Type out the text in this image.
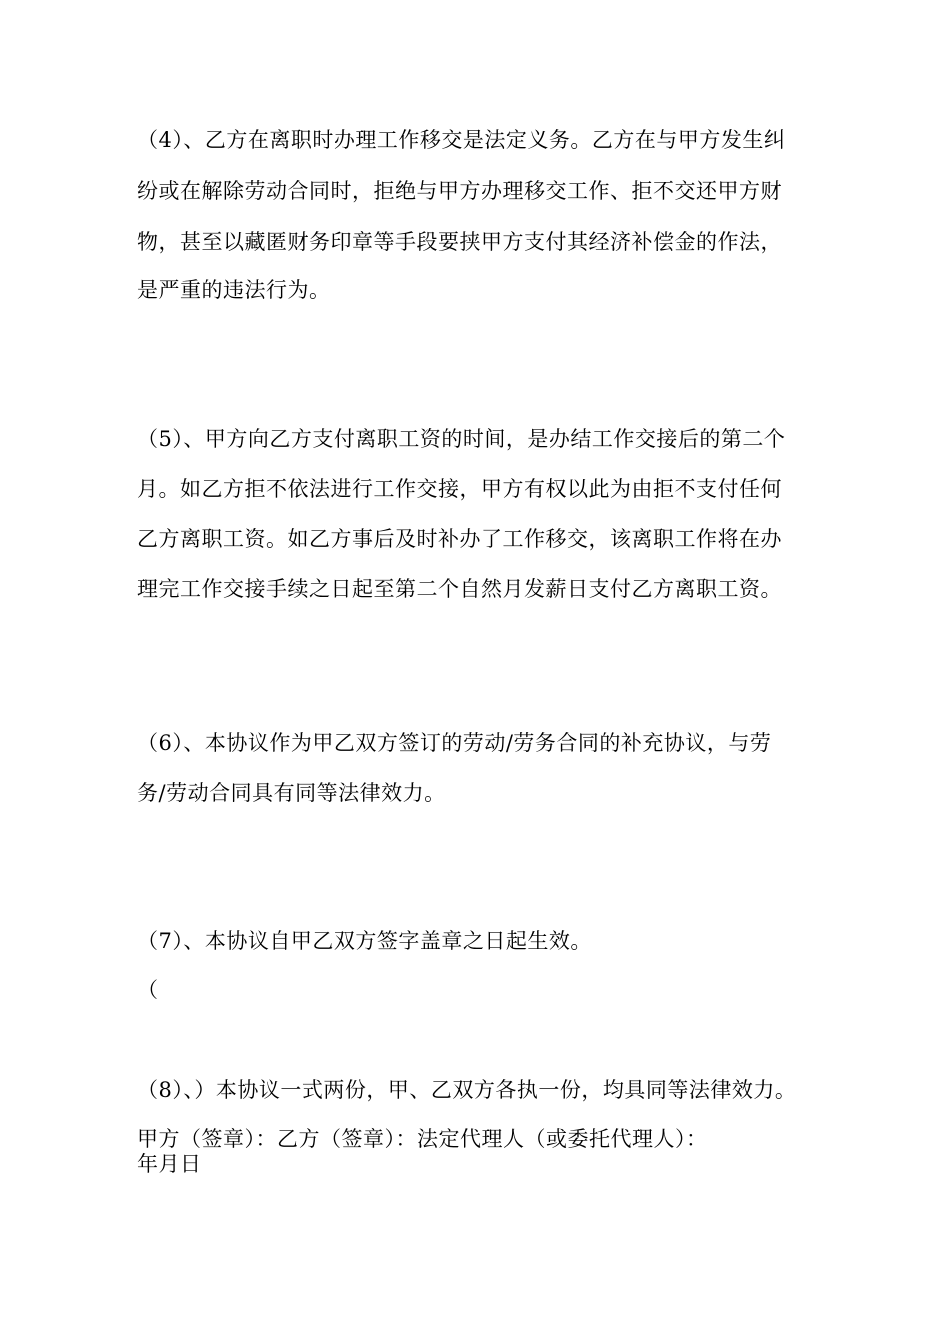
（4）、乙方在离职时办理工作移交是法定义务。乙方在与甲方发生纠
纷或在解除劳动合同时，拒绝与甲方办理移交工作、拒不交还甲方财
物，甚至以藏匿财务印章等手段要挟甲方支付其经济补偿金的作法，
是严重的违法行为。
（5）、甲方向乙方支付离职工资的时间，是办结工作交接后的第二个
月。如乙方拒不依法进行工作交接，甲方有权以此为由拒不支付任何
乙方离职工资。如乙方事后及时补办了工作移交，该离职工作将在办
理完工作交接手续之日起至第二个自然月发薪日支付乙方离职工资。
（6）、本协议作为甲乙双方签订的劳动/劳务合同的补充协议，与劳
务/劳动合同具有同等法律效力。
（7）、本协议自甲乙双方签字盖章之日起生效。
（
（8）、）本协议一式两份，甲、乙双方各执一份，均具同等法律效力。
甲方（签章）：乙方（签章）：法定代理人（或委托代理人）：
年月日
